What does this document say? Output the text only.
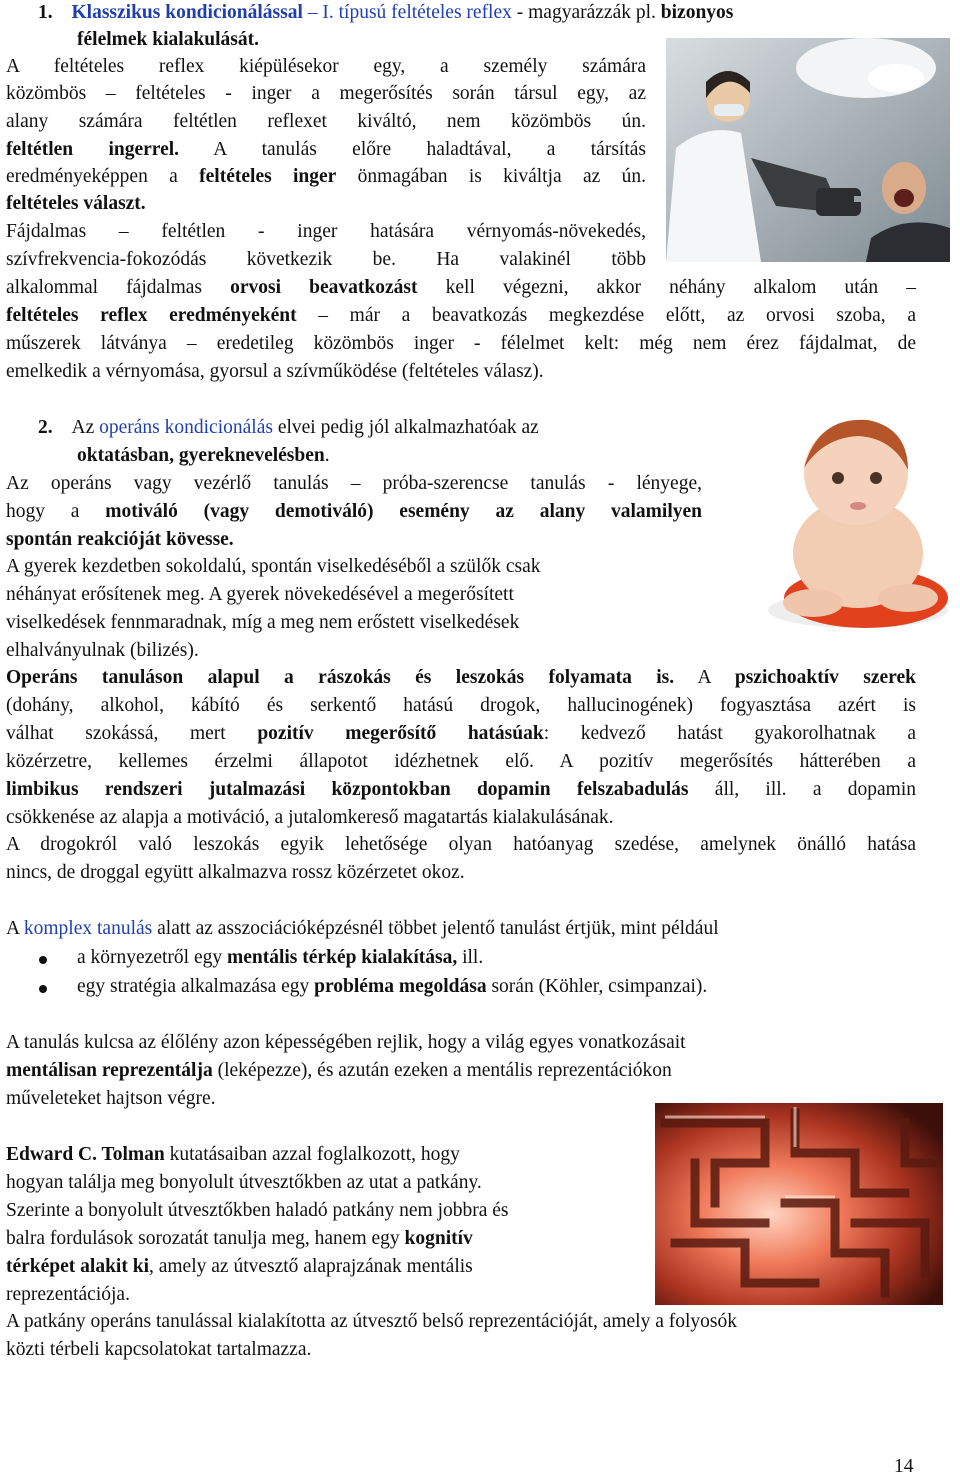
1. Klasszikus kondicionálással – I. típusú feltételes reflex - magyarázzák pl. bizonyos
félelmek kialakulását.
A feltételes reflex kiépülésekor egy, a személy számára
közömbös – feltételes - inger a megerősítés során társul egy, az
alany számára feltétlen reflexet kiváltó, nem közömbös ún.
feltétlen ingerrel. A tanulás előre haladtával, a társítás
eredményeképpen a feltételes inger önmagában is kiváltja az ún.
feltételes választ.
Fájdalmas – feltétlen - inger hatására vérnyomás-növekedés,
szívfrekvencia-fokozódás következik be. Ha valakinél több
alkalommal fájdalmas orvosi beavatkozást kell végezni, akkor néhány alkalom után –
feltételes reflex eredményeként – már a beavatkozás megkezdése előtt, az orvosi szoba, a
műszerek látványa – eredetileg közömbös inger - félelmet kelt: még nem érez fájdalmat, de
emelkedik a vérnyomása, gyorsul a szívműködése (feltételes válasz).
2. Az operáns kondicionálás elvei pedig jól alkalmazhatóak az
oktatásban, gyereknevelésben.
Az operáns vagy vezérlő tanulás – próba-szerencse tanulás - lényege,
hogy a motiváló (vagy demotiváló) esemény az alany valamilyen
spontán reakcióját kövesse.
A gyerek kezdetben sokoldalú, spontán viselkedéséből a szülők csak
néhányat erősítenek meg. A gyerek növekedésével a megerősített
viselkedések fennmaradnak, míg a meg nem erőstett viselkedések
elhalványulnak (bilizés).
Operáns tanuláson alapul a rászokás és leszokás folyamata is. A pszichoaktív szerek
(dohány, alkohol, kábító és serkentő hatású drogok, hallucinogének) fogyasztása azért is
válhat szokássá, mert pozitív megerősítő hatásúak: kedvező hatást gyakorolhatnak a
közérzetre, kellemes érzelmi állapotot idézhetnek elő. A pozitív megerősítés hátterében a
limbikus rendszeri jutalmazási központokban dopamin felszabadulás áll, ill. a dopamin
csökkenése az alapja a motiváció, a jutalomkereső magatartás kialakulásának.
A drogokról való leszokás egyik lehetősége olyan hatóanyag szedése, amelynek önálló hatása
nincs, de droggal együtt alkalmazva rossz közérzetet okoz.
A komplex tanulás alatt az asszociációképzésnél többet jelentő tanulást értjük, mint például
a környezetről egy mentális térkép kialakítása, ill.
egy stratégia alkalmazása egy probléma megoldása során (Köhler, csimpanzai).
A tanulás kulcsa az élőlény azon képességében rejlik, hogy a világ egyes vonatkozásait
mentálisan reprezentálja (leképezze), és azután ezeken a mentális reprezentációkon
műveleteket hajtson végre.
Edward C. Tolman kutatásaiban azzal foglalkozott, hogy
hogyan találja meg bonyolult útvesztőkben az utat a patkány.
Szerinte a bonyolult útvesztőkben haladó patkány nem jobbra és
balra fordulások sorozatát tanulja meg, hanem egy kognitív
térképet alakit ki, amely az útvesztő alaprajzának mentális
reprezentációja.
A patkány operáns tanulással kialakította az útvesztő belső reprezentációját, amely a folyosók
közti térbeli kapcsolatokat tartalmazza.
14
